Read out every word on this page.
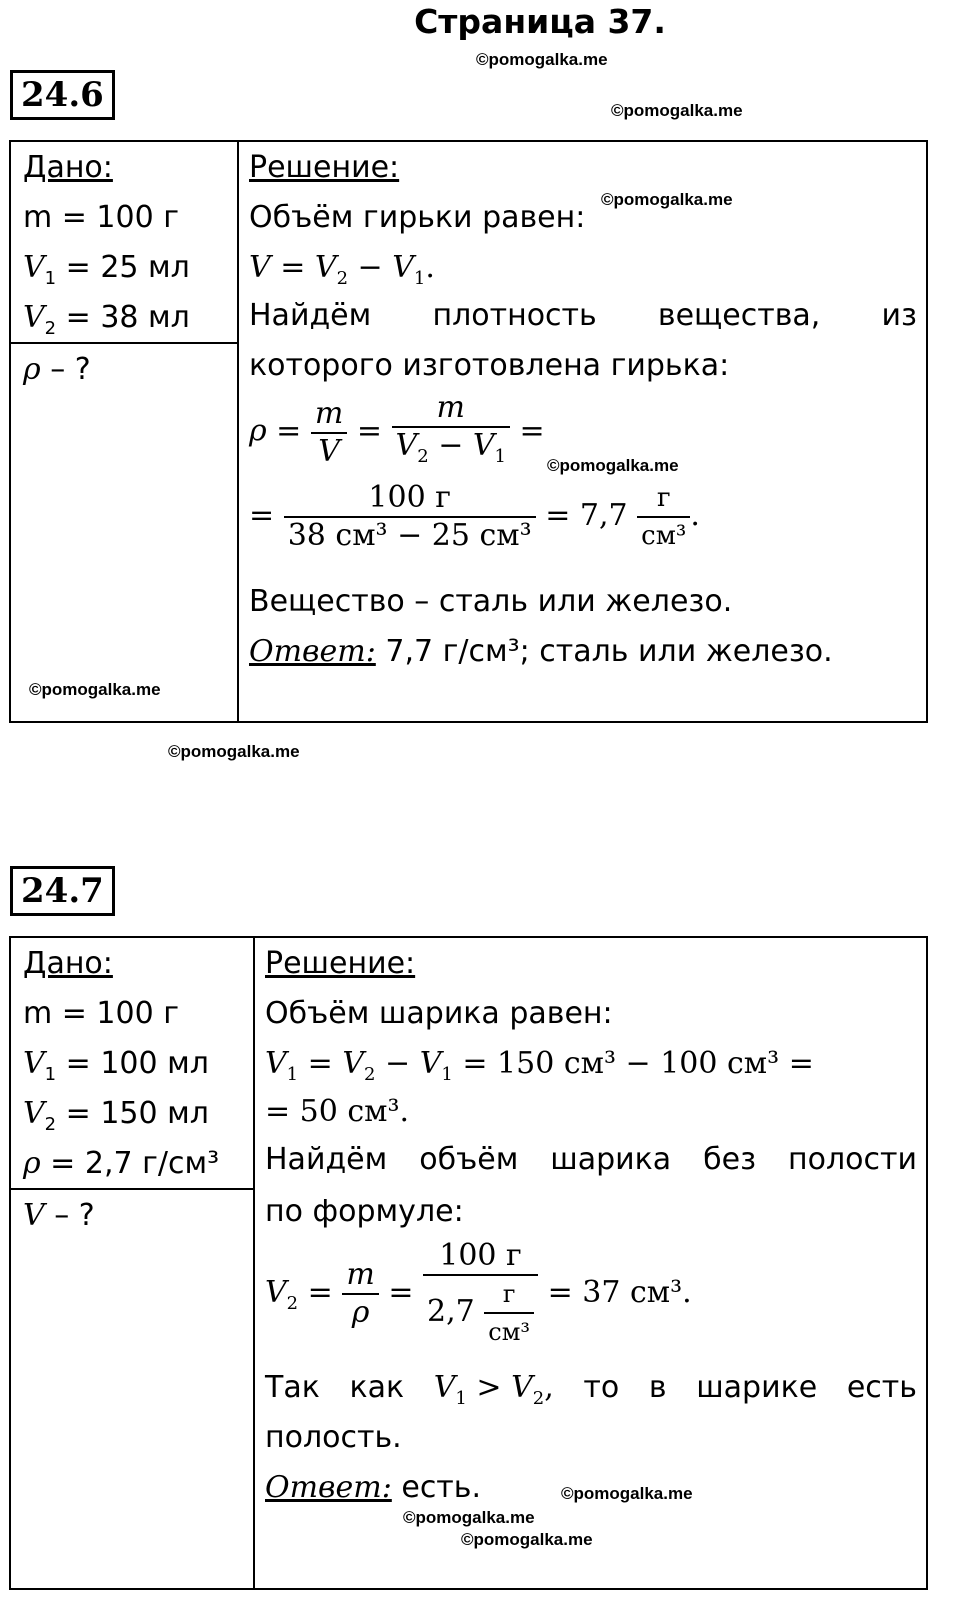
Страница 37.
©pomogalka.me
©pomogalka.me
24.6
Дано:
m = 100 г
$V_1 = 25$ мл
$V_2 = 38$ мл
ρ – ?
Решение:
Объём гирьки равен:
$V = V_2 - V_1$.
Найдём плотность вещества, из
которого изготовлена гирька:
$\rho = \frac{m}{V} = \frac{m}{V_2 - V_1}$ =
= $\frac{100 г}{\text{38 см³ − 25 см³}} = 7,7 \frac{г}{\text{см³}}$ .
Вещество – сталь или железо.
Ответ: 7,7 г/см³; сталь или железо.
©pomogalka.me
©pomogalka.me
©pomogalka.me
©pomogalka.me
24.7
Дано:
m = 100 г
$V_1 = 100$ мл
$V_2 = 150$ мл
ρ = 2,7 г/см³
V – ?
Решение:
Объём шарика равен:
$V_1 = V_2 - V_1 = 150$ см³ − 100 см³ =
= 50 см³.
Найдём объём шарика без полости
по формуле:
$V_2 = \frac{m}{\rho} = \frac{100 г}{2,7 \frac{г}{\text{см³}}} = 37$ см³.
Так как $V_1 > V_2$, то в шарике есть
полость.
Ответ: есть.	©pomogalka.me
©pomogalka.me
©pomogalka.me
